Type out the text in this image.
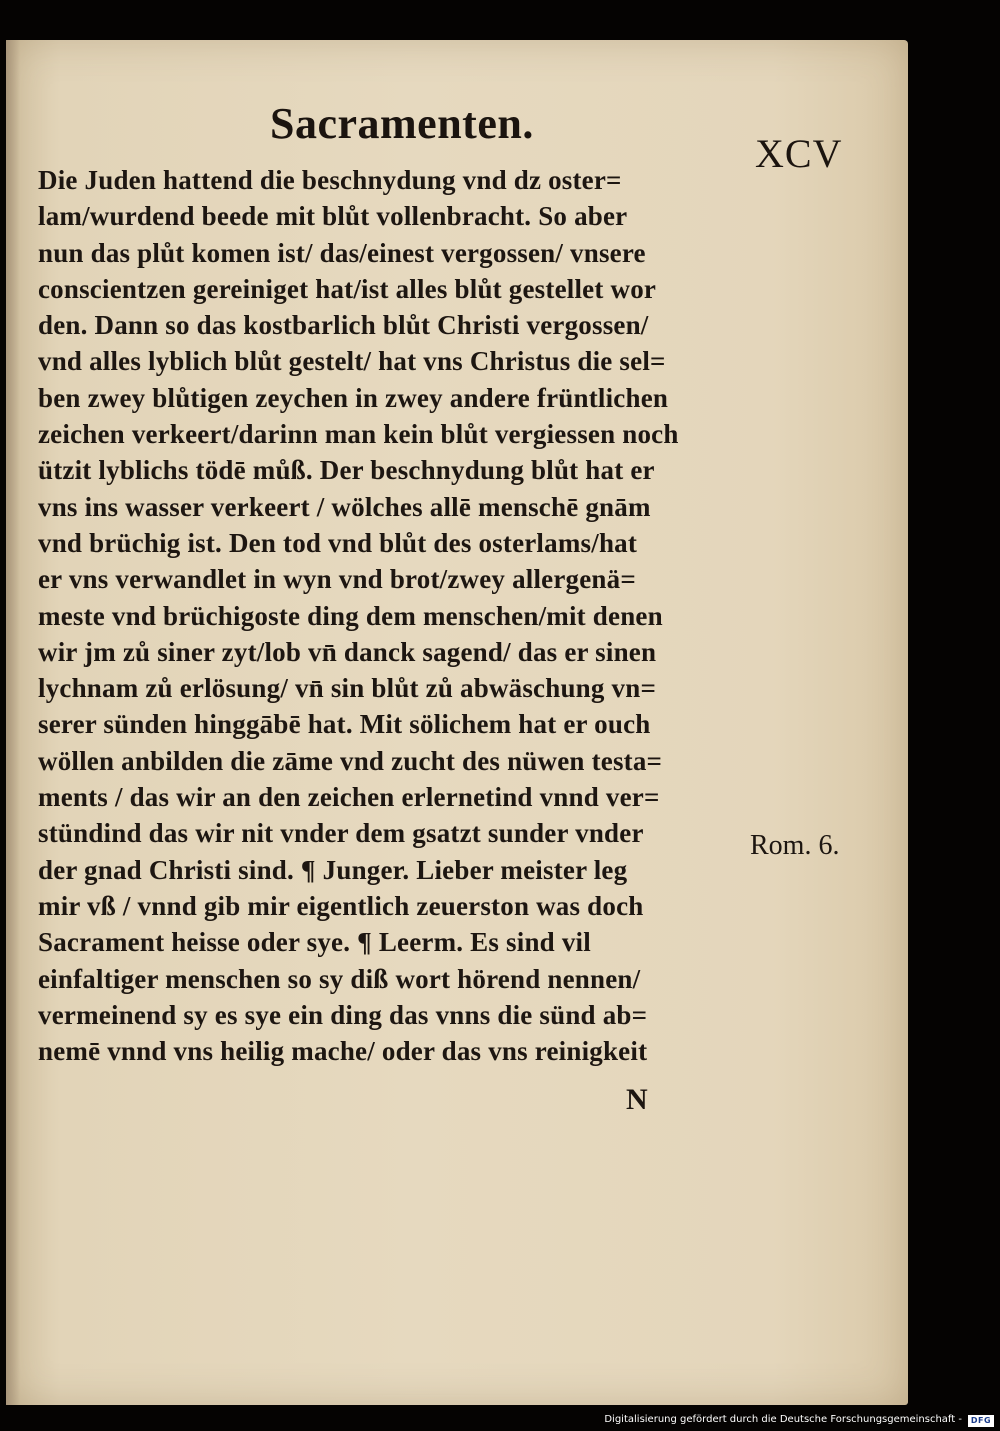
Sacramenten.
XCV
Die Juden hattend die beschnydung vnd dz oster=
lam/wurdend beede mit blůt vollenbracht. So aber
nun das plůt komen ist/ das/einest vergossen/ vnsere
conscientzen gereiniget hat/ist alles blůt gestellet wor
den. Dann so das kostbarlich blůt Christi vergossen/
vnd alles lyblich blůt gestelt/ hat vns Christus die sel=
ben zwey blůtigen zeychen in zwey andere früntlichen
zeichen verkeert/darinn man kein blůt vergiessen noch
ützit lyblichs tödē můß. Der beschnydung blůt hat er
vns ins wasser verkeert / wölches allē menschē gnām
vnd brüchig ist. Den tod vnd blůt des osterlams/hat
er vns verwandlet in wyn vnd brot/zwey allergenä=
meste vnd brüchigoste ding dem menschen/mit denen
wir jm zů siner zyt/lob vn̄ danck sagend/ das er sinen
lychnam zů erlösung/ vn̄ sin blůt zů abwäschung vn=
serer sünden hinggābē hat. Mit sölichem hat er ouch
wöllen anbilden die zāme vnd zucht des nüwen testa=
ments / das wir an den zeichen erlernetind vnnd ver=
stündind das wir nit vnder dem gsatzt sunder vnder
der gnad Christi sind. ¶ Junger. Lieber meister leg
mir vß / vnnd gib mir eigentlich zeuerston was doch
Sacrament heisse oder sye. ¶ Leerm. Es sind vil
einfaltiger menschen so sy diß wort hörend nennen/
vermeinend sy es sye ein ding das vnns die sünd ab=
nemē vnnd vns heilig mache/ oder das vns reinigkeit
Rom. 6.
N
Digitalisierung gefördert durch die Deutsche Forschungsgemeinschaft -	DFG
